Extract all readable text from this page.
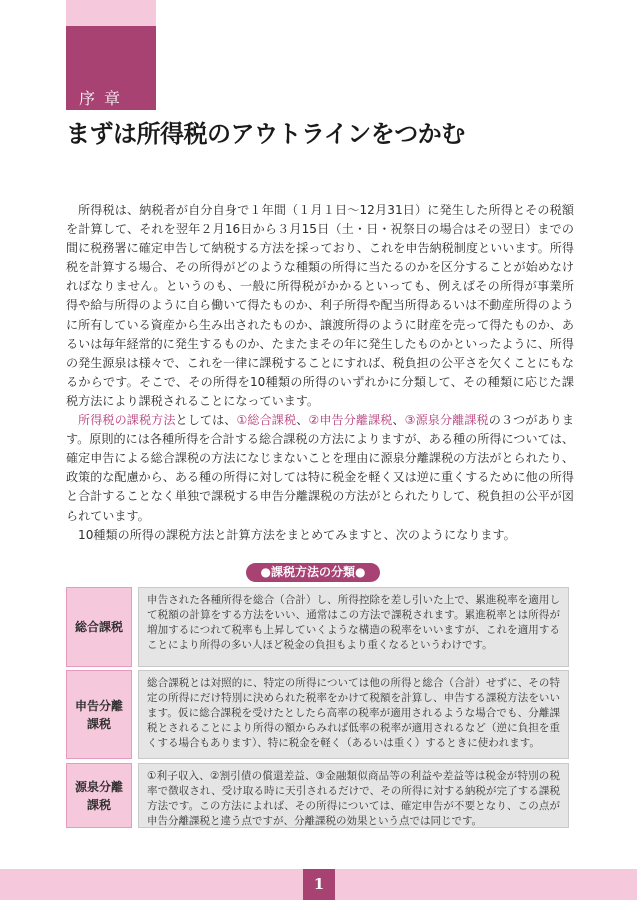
序章
まずは所得税のアウトラインをつかむ

所得税は、納税者が自分自身で１年間（１月１日〜12月31日）に発生した所得とその税額を計算して、それを翌年２月16日から３月15日（土・日・祝祭日の場合はその翌日）までの間に税務署に確定申告して納税する方法を採っており、これを申告納税制度といいます。所得税を計算する場合、その所得がどのような種類の所得に当たるのかを区分することが始めなければなりません。というのも、一般に所得税がかかるといっても、例えばその所得が事業所得や給与所得のように自ら働いて得たものか、利子所得や配当所得あるいは不動産所得のように所有している資産から生み出されたものか、譲渡所得のように財産を売って得たものか、あるいは毎年経常的に発生するものか、たまたまその年に発生したものかといったように、所得の発生源泉は様々で、これを一律に課税することにすれば、税負担の公平さを欠くことにもなるからです。そこで、その所得を10種類の所得のいずれかに分類して、その種類に応じた課税方法により課税されることになっています。

所得税の課税方法としては、①総合課税、②申告分離課税、③源泉分離課税の３つがあります。原則的には各種所得を合計する総合課税の方法によりますが、ある種の所得については、確定申告による総合課税の方法になじまないことを理由に源泉分離課税の方法がとられたり、政策的な配慮から、ある種の所得に対しては特に税金を軽く又は逆に重くするために他の所得と合計することなく単独で課税する申告分離課税の方法がとられたりして、税負担の公平が図られています。

10種類の所得の課税方法と計算方法をまとめてみますと、次のようになります。

●課税方法の分類●
総合課税
申告された各種所得を総合（合計）し、所得控除を差し引いた上で、累進税率を適用して税額の計算をする方法をいい、通常はこの方法で課税されます。累進税率とは所得が増加するにつれて税率も上昇していくような構造の税率をいいますが、これを適用することにより所得の多い人ほど税金の負担もより重くなるというわけです。
申告分離課税
総合課税とは対照的に、特定の所得については他の所得と総合（合計）せずに、その特定の所得にだけ特別に決められた税率をかけて税額を計算し、申告する課税方法をいいます。仮に総合課税を受けたとしたら高率の税率が適用されるような場合でも、分離課税とされることにより所得の額からみれば低率の税率が適用されるなど（逆に負担を重くする場合もあります）、特に税金を軽く（あるいは重く）するときに使われます。
源泉分離課税
①利子収入、②割引債の償還差益、③金融類似商品等の利益や差益等は税金が特別の税率で徴収され、受け取る時に天引されるだけで、その所得に対する納税が完了する課税方法です。この方法によれば、その所得については、確定申告が不要となり、この点が申告分離課税と違う点ですが、分離課税の効果という点では同じです。
1
